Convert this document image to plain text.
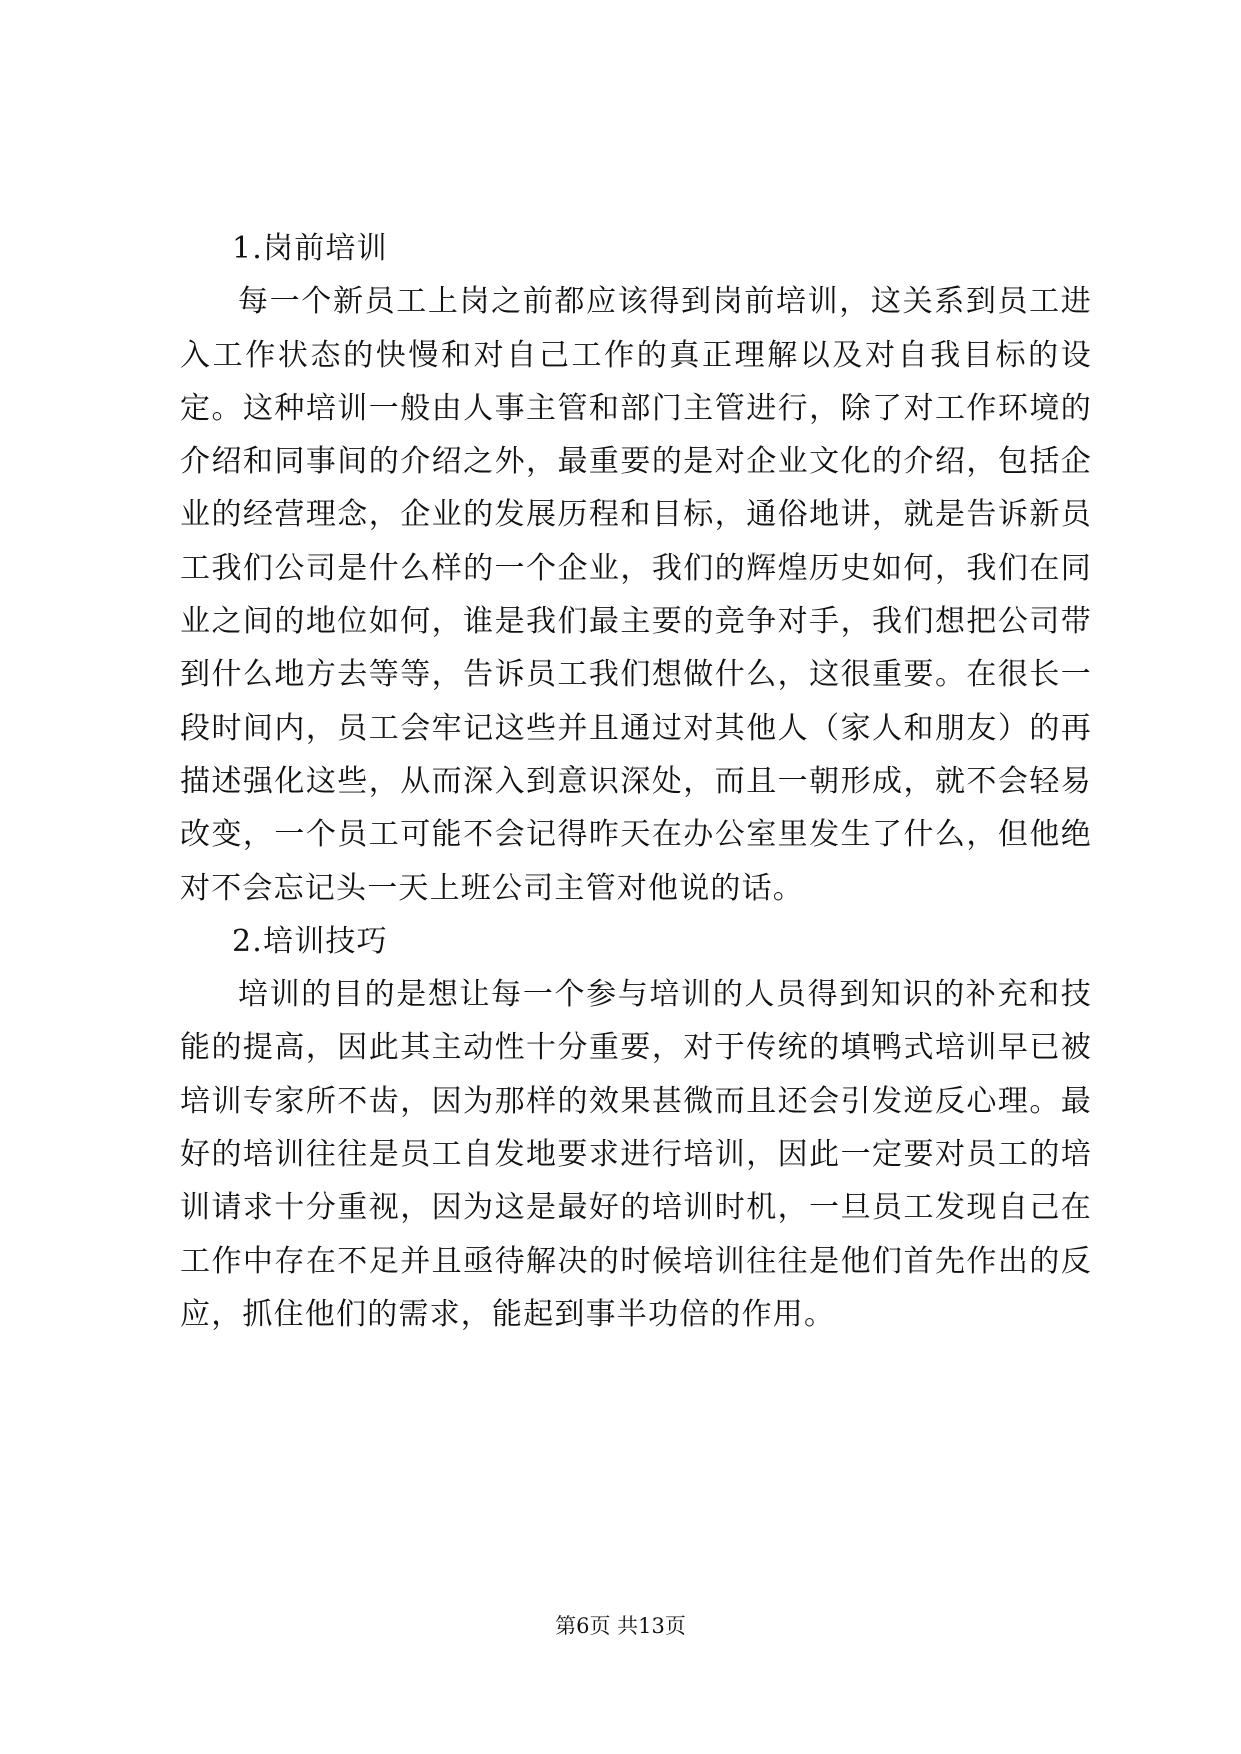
1.岗前培训

每一个新员工上岗之前都应该得到岗前培训，这关系到员工进入工作状态的快慢和对自己工作的真正理解以及对自我目标的设定。这种培训一般由人事主管和部门主管进行，除了对工作环境的介绍和同事间的介绍之外，最重要的是对企业文化的介绍，包括企业的经营理念，企业的发展历程和目标，通俗地讲，就是告诉新员工我们公司是什么样的一个企业，我们的辉煌历史如何，我们在同业之间的地位如何，谁是我们最主要的竞争对手，我们想把公司带到什么地方去等等，告诉员工我们想做什么，这很重要。在很长一段时间内，员工会牢记这些并且通过对其他人（家人和朋友）的再描述强化这些，从而深入到意识深处，而且一朝形成，就不会轻易改变，一个员工可能不会记得昨天在办公室里发生了什么，但他绝对不会忘记头一天上班公司主管对他说的话。

2.培训技巧

培训的目的是想让每一个参与培训的人员得到知识的补充和技能的提高，因此其主动性十分重要，对于传统的填鸭式培训早已被培训专家所不齿，因为那样的效果甚微而且还会引发逆反心理。最好的培训往往是员工自发地要求进行培训，因此一定要对员工的培训请求十分重视，因为这是最好的培训时机，一旦员工发现自己在工作中存在不足并且亟待解决的时候培训往往是他们首先作出的反应，抓住他们的需求，能起到事半功倍的作用。

第6页 共13页
